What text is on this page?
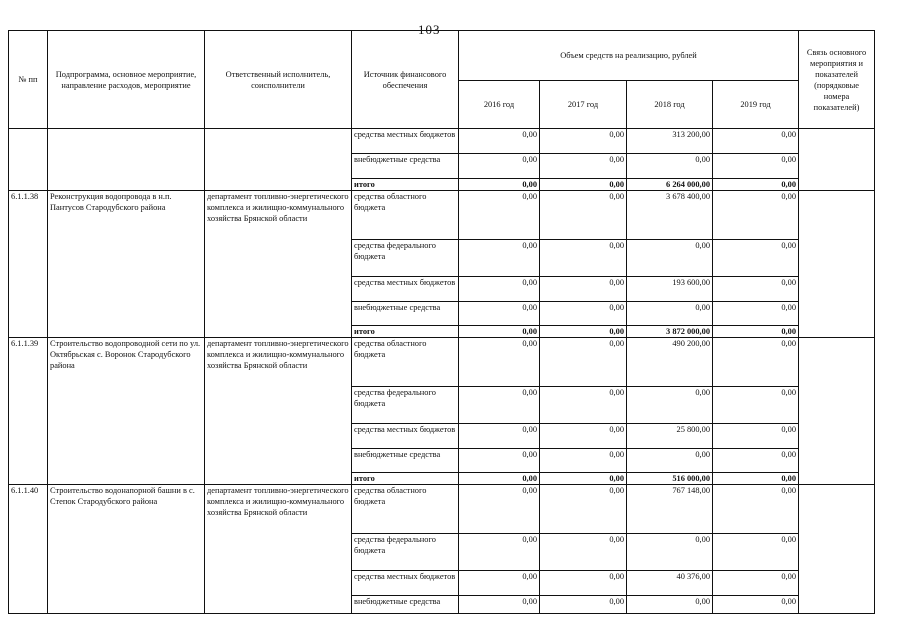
103
№ пп	Подпрограмма, основное мероприятие, направление расходов, мероприятие	Ответственный исполнитель, соисполнители	Источник финансового обеспечения	Объем средств на реализацию, рублей				Связь основного мероприятия и показателей (порядковые номера показателей)
				2016 год	2017 год	2018 год	2019 год	
			средства местных бюджетов	0,00	0,00	313 200,00	0,00	
			внебюджетные средства	0,00	0,00	0,00	0,00	
			итого	0,00	0,00	6 264 000,00	0,00	
6.1.1.38	Реконструкция водопровода в н.п. Пантусов Стародубского района	департамент топливно-энергетического комплекса и жилищно-коммунального хозяйства Брянской области	средства областного бюджета	0,00	0,00	3 678 400,00	0,00	
			средства федерального бюджета	0,00	0,00	0,00	0,00	
			средства местных бюджетов	0,00	0,00	193 600,00	0,00	
			внебюджетные средства	0,00	0,00	0,00	0,00	
			итого	0,00	0,00	3 872 000,00	0,00	
6.1.1.39	Строительство водопроводной сети по ул. Октябрьская с. Воронок Стародубского района	департамент топливно-энергетического комплекса и жилищно-коммунального хозяйства Брянской области	средства областного бюджета	0,00	0,00	490 200,00	0,00	
			средства федерального бюджета	0,00	0,00	0,00	0,00	
			средства местных бюджетов	0,00	0,00	25 800,00	0,00	
			внебюджетные средства	0,00	0,00	0,00	0,00	
			итого	0,00	0,00	516 000,00	0,00	
6.1.1.40	Строительство водонапорной башни в с. Степок Стародубского района	департамент топливно-энергетического комплекса и жилищно-коммунального хозяйства Брянской области	средства областного бюджета	0,00	0,00	767 148,00	0,00	
			средства федерального бюджета	0,00	0,00	0,00	0,00	
			средства местных бюджетов	0,00	0,00	40 376,00	0,00	
			внебюджетные средства	0,00	0,00	0,00	0,00	
